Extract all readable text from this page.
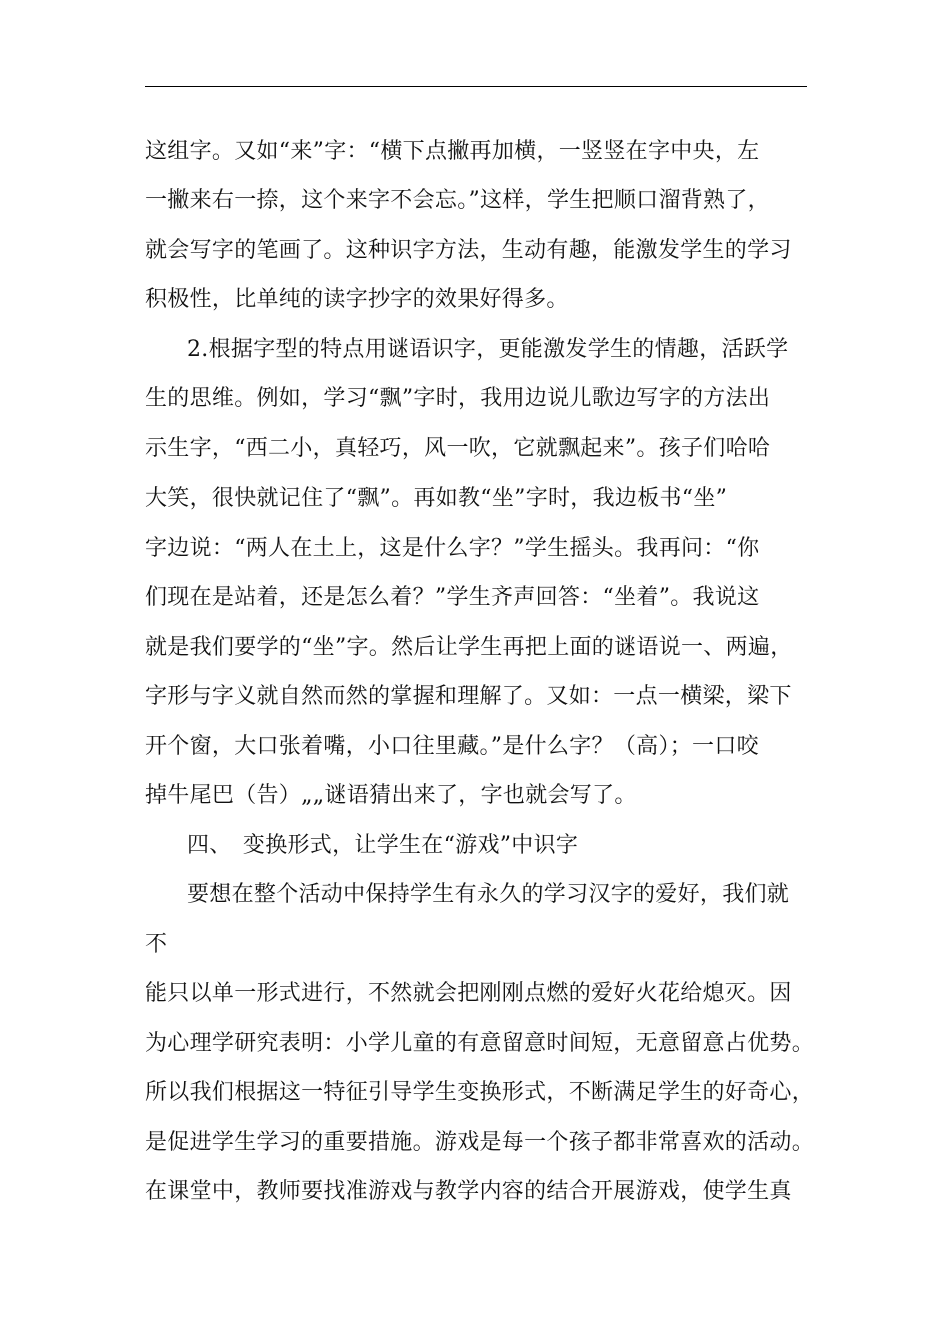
这组字。又如“来”字：“横下点撇再加横，一竖竖在字中央，左
一撇来右一捺，这个来字不会忘。”这样，学生把顺口溜背熟了，
就会写字的笔画了。这种识字方法，生动有趣，能激发学生的学习
积极性，比单纯的读字抄字的效果好得多。
2.根据字型的特点用谜语识字，更能激发学生的情趣，活跃学
生的思维。例如，学习“飘”字时，我用边说儿歌边写字的方法出
示生字，“西二小，真轻巧，风一吹，它就飘起来”。孩子们哈哈
大笑，很快就记住了“飘”。再如教“坐”字时，我边板书“坐”
字边说：“两人在土上，这是什么字？”学生摇头。我再问：“你
们现在是站着，还是怎么着？”学生齐声回答：“坐着”。我说这
就是我们要学的“坐”字。然后让学生再把上面的谜语说一、两遍，
字形与字义就自然而然的掌握和理解了。又如：一点一横梁，梁下
开个窗，大口张着嘴，小口往里藏。”是什么字？（高）；一口咬
掉牛尾巴（告）„„谜语猜出来了，字也就会写了。
四、　变换形式，让学生在“游戏”中识字
要想在整个活动中保持学生有永久的学习汉字的爱好，我们就
不
能只以单一形式进行，不然就会把刚刚点燃的爱好火花给熄灭。因
为心理学研究表明：小学儿童的有意留意时间短，无意留意占优势。
所以我们根据这一特征引导学生变换形式，不断满足学生的好奇心，
是促进学生学习的重要措施。游戏是每一个孩子都非常喜欢的活动。
在课堂中，教师要找准游戏与教学内容的结合开展游戏，使学生真
